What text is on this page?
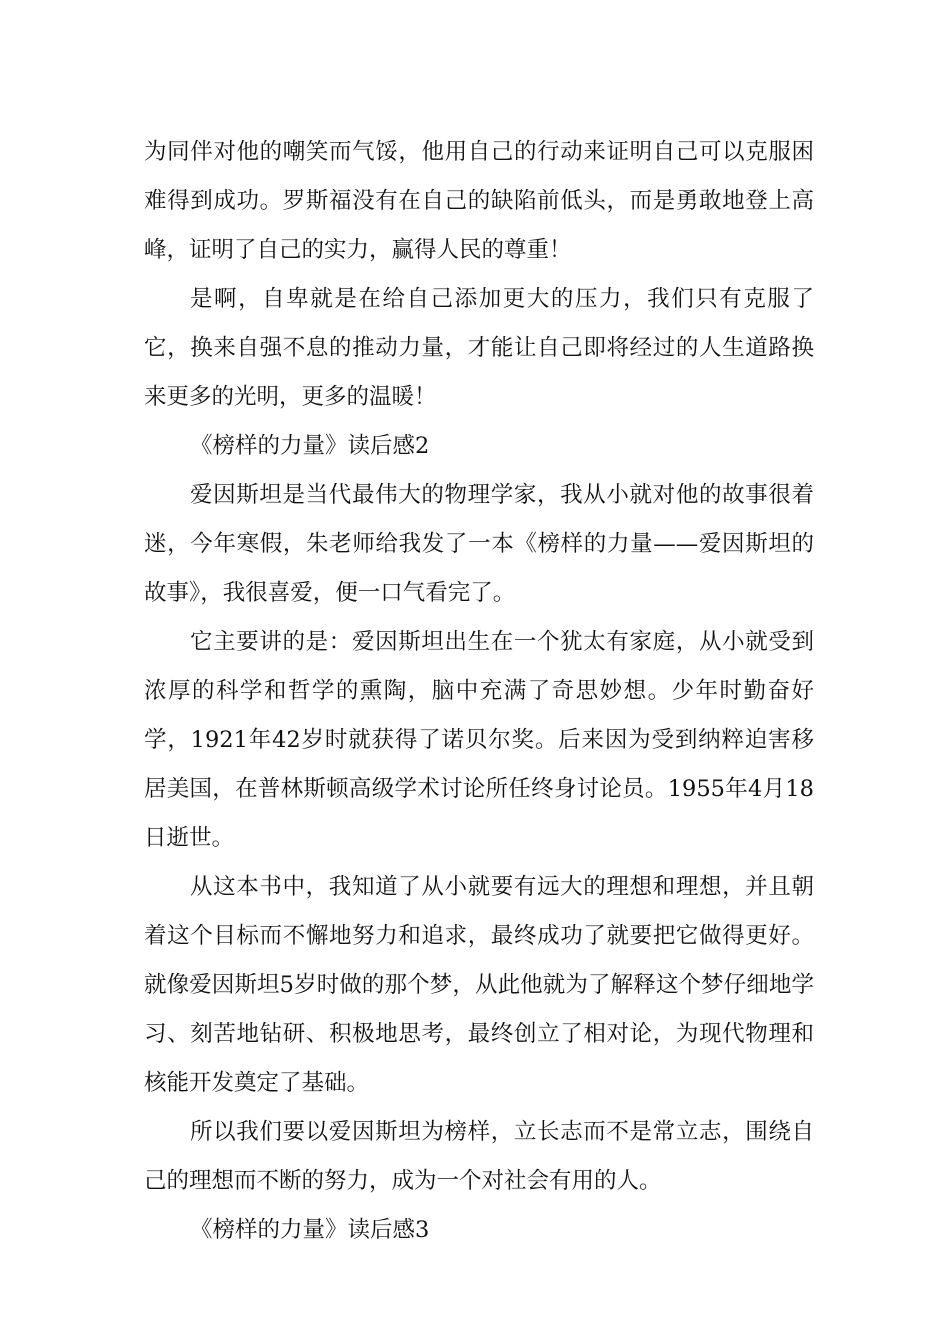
为同伴对他的嘲笑而气馁，他用自己的行动来证明自己可以克服困难得到成功。罗斯福没有在自己的缺陷前低头，而是勇敢地登上高峰，证明了自己的实力，赢得人民的尊重！

是啊，自卑就是在给自己添加更大的压力，我们只有克服了它，换来自强不息的推动力量，才能让自己即将经过的人生道路换来更多的光明，更多的温暖！

《榜样的力量》读后感2

爱因斯坦是当代最伟大的物理学家，我从小就对他的故事很着迷，今年寒假，朱老师给我发了一本《榜样的力量——爱因斯坦的故事》，我很喜爱，便一口气看完了。

它主要讲的是：爱因斯坦出生在一个犹太有家庭，从小就受到浓厚的科学和哲学的熏陶，脑中充满了奇思妙想。少年时勤奋好学，1921年42岁时就获得了诺贝尔奖。后来因为受到纳粹迫害移居美国，在普林斯顿高级学术讨论所任终身讨论员。1955年4月18日逝世。

从这本书中，我知道了从小就要有远大的理想和理想，并且朝着这个目标而不懈地努力和追求，最终成功了就要把它做得更好。就像爱因斯坦5岁时做的那个梦，从此他就为了解释这个梦仔细地学习、刻苦地钻研、积极地思考，最终创立了相对论，为现代物理和核能开发奠定了基础。

所以我们要以爱因斯坦为榜样，立长志而不是常立志，围绕自己的理想而不断的努力，成为一个对社会有用的人。

《榜样的力量》读后感3
